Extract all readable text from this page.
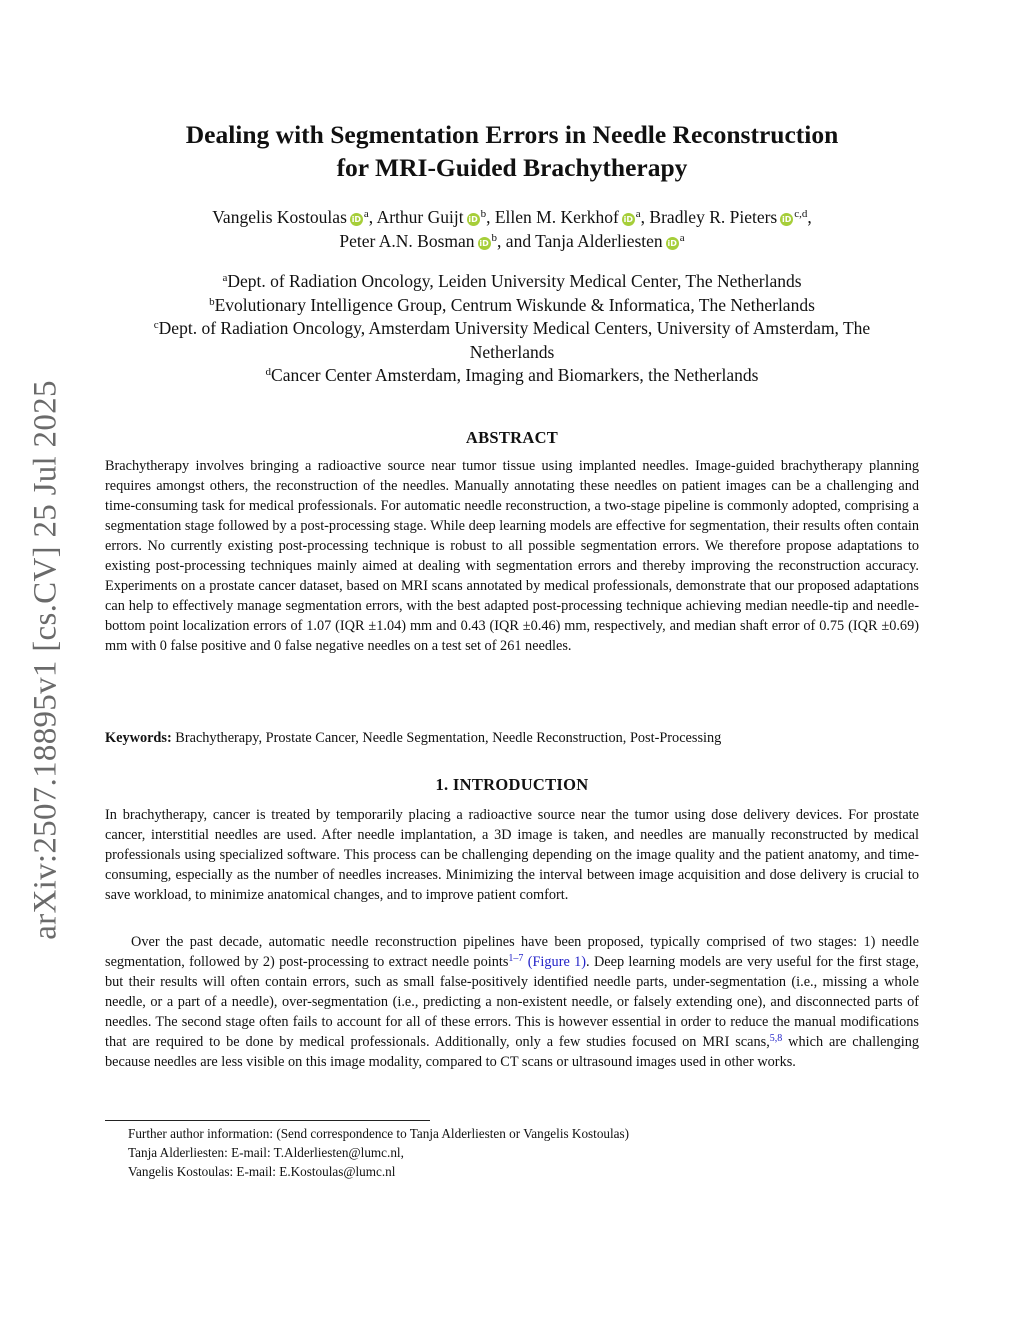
arXiv:2507.18895v1 [cs.CV] 25 Jul 2025
Dealing with Segmentation Errors in Needle Reconstruction
for MRI-Guided Brachytherapy
Vangelis Kostoulas iD $^a$, Arthur Guijt iD $^b$, Ellen M. Kerkhof iD $^a$, Bradley R. Pieters iD $^{c,d}$,
Peter A.N. Bosman iD $^b$, and Tanja Alderliesten iD $^a$
$^a$Dept. of Radiation Oncology, Leiden University Medical Center, The Netherlands
$^b$Evolutionary Intelligence Group, Centrum Wiskunde & Informatica, The Netherlands
$^c$Dept. of Radiation Oncology, Amsterdam University Medical Centers, University of Amsterdam, The Netherlands
$^d$Cancer Center Amsterdam, Imaging and Biomarkers, the Netherlands
ABSTRACT
Brachytherapy involves bringing a radioactive source near tumor tissue using implanted needles. Image-guided brachytherapy planning requires amongst others, the reconstruction of the needles. Manually annotating these needles on patient images can be a challenging and time-consuming task for medical professionals. For automatic needle reconstruction, a two-stage pipeline is commonly adopted, comprising a segmentation stage followed by a post-processing stage. While deep learning models are effective for segmentation, their results often contain errors. No currently existing post-processing technique is robust to all possible segmentation errors. We therefore propose adaptations to existing post-processing techniques mainly aimed at dealing with segmentation errors and thereby improving the reconstruction accuracy. Experiments on a prostate cancer dataset, based on MRI scans annotated by medical professionals, demonstrate that our proposed adaptations can help to effectively manage segmentation errors, with the best adapted post-processing technique achieving median needle-tip and needle-bottom point localization errors of 1.07 (IQR ±1.04) mm and 0.43 (IQR ±0.46) mm, respectively, and median shaft error of 0.75 (IQR ±0.69) mm with 0 false positive and 0 false negative needles on a test set of 261 needles.
Keywords: Brachytherapy, Prostate Cancer, Needle Segmentation, Needle Reconstruction, Post-Processing
1. INTRODUCTION
In brachytherapy, cancer is treated by temporarily placing a radioactive source near the tumor using dose delivery devices. For prostate cancer, interstitial needles are used. After needle implantation, a 3D image is taken, and needles are manually reconstructed by medical professionals using specialized software. This process can be challenging depending on the image quality and the patient anatomy, and time-consuming, especially as the number of needles increases. Minimizing the interval between image acquisition and dose delivery is crucial to save workload, to minimize anatomical changes, and to improve patient comfort.
Over the past decade, automatic needle reconstruction pipelines have been proposed, typically comprised of two stages: 1) needle segmentation, followed by 2) post-processing to extract needle points$^{1-7}$ (Figure 1). Deep learning models are very useful for the first stage, but their results will often contain errors, such as small false-positively identified needle parts, under-segmentation (i.e., missing a whole needle, or a part of a needle), over-segmentation (i.e., predicting a non-existent needle, or falsely extending one), and disconnected parts of needles. The second stage often fails to account for all of these errors. This is however essential in order to reduce the manual modifications that are required to be done by medical professionals. Additionally, only a few studies focused on MRI scans,$^{5,8}$ which are challenging because needles are less visible on this image modality, compared to CT scans or ultrasound images used in other works.
Further author information: (Send correspondence to Tanja Alderliesten or Vangelis Kostoulas)
Tanja Alderliesten: E-mail: T.Alderliesten@lumc.nl,
Vangelis Kostoulas: E-mail: E.Kostoulas@lumc.nl
